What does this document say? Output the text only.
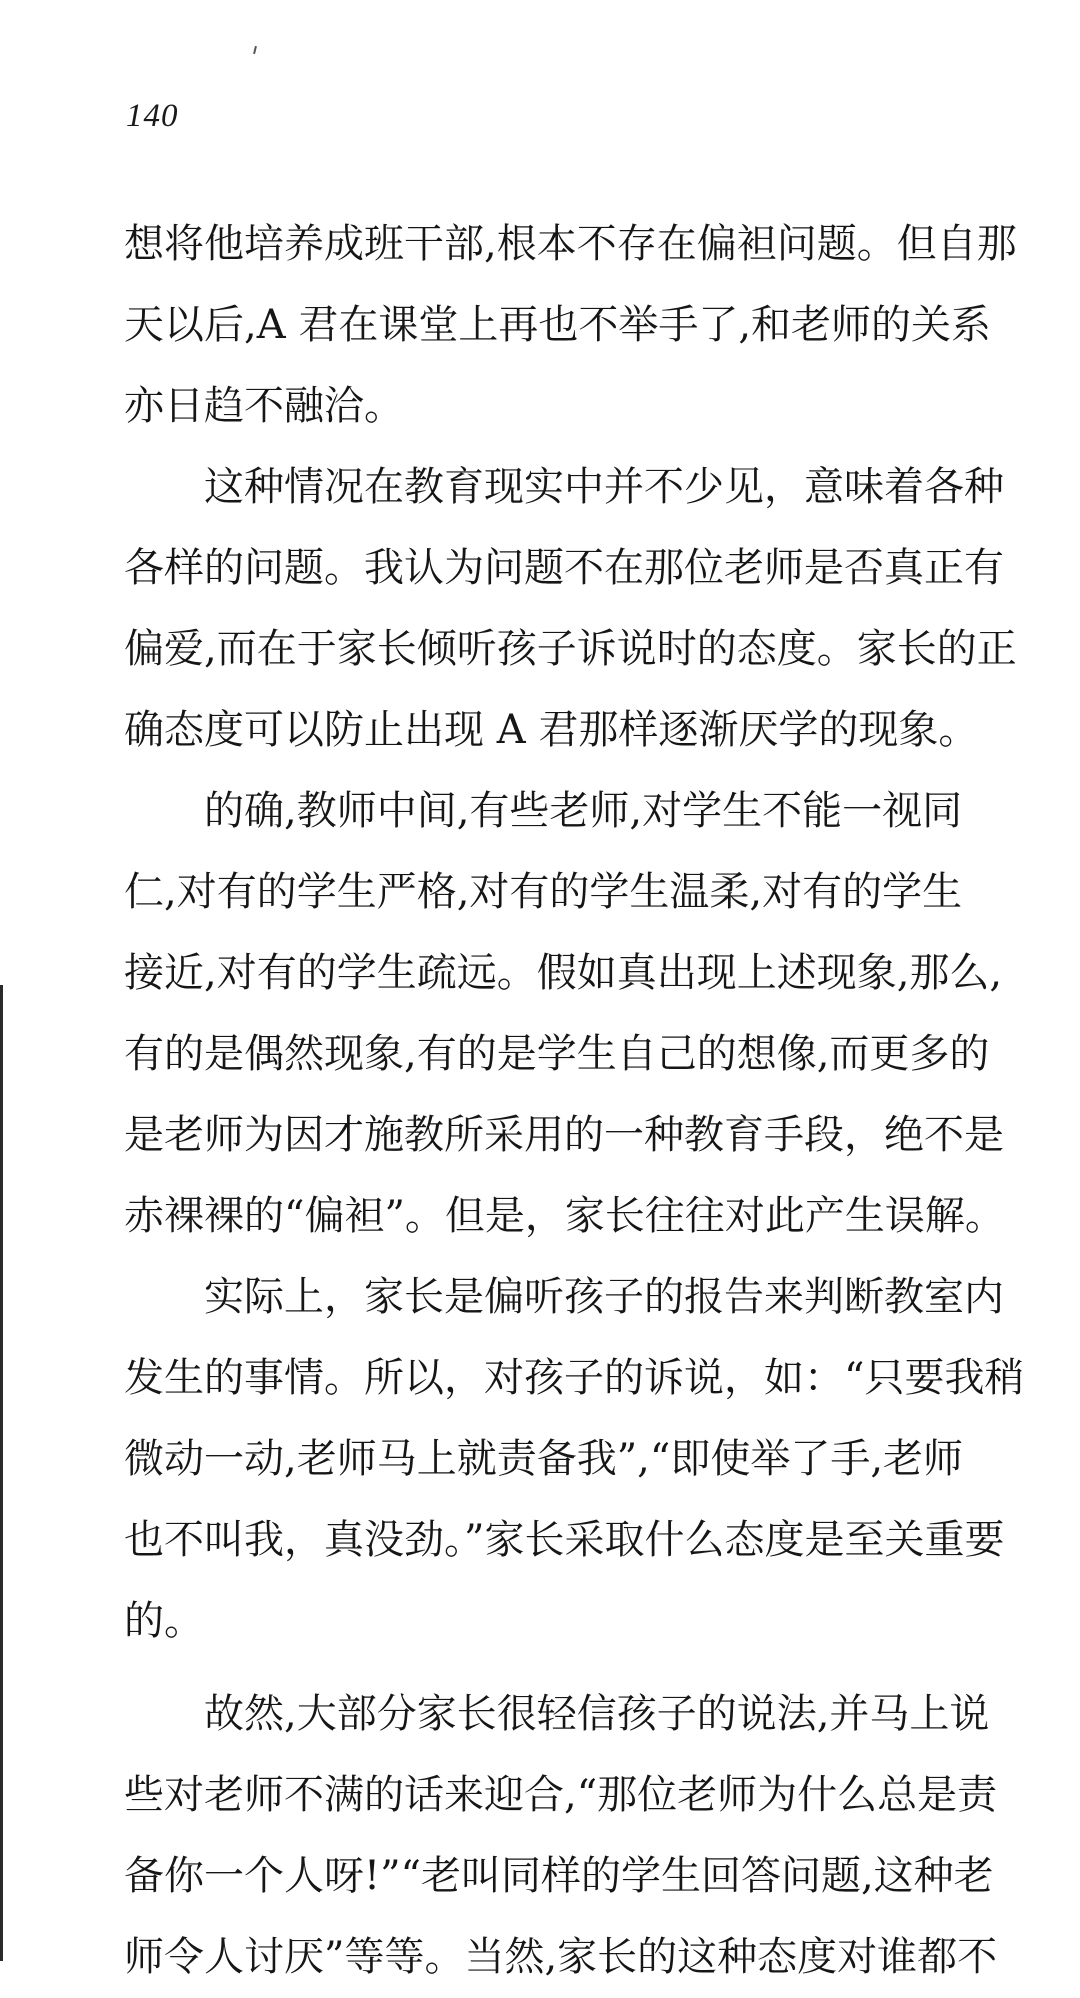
140
想将他培养成班干部,根本不存在偏袒问题。但自那
天以后,A 君在课堂上再也不举手了,和老师的关系
亦日趋不融洽。
　　这种情况在教育现实中并不少见，意味着各种
各样的问题。我认为问题不在那位老师是否真正有
偏爱,而在于家长倾听孩子诉说时的态度。家长的正
确态度可以防止出现 A 君那样逐渐厌学的现象。
　　的确,教师中间,有些老师,对学生不能一视同
仁,对有的学生严格,对有的学生温柔,对有的学生
接近,对有的学生疏远。假如真出现上述现象,那么,
有的是偶然现象,有的是学生自己的想像,而更多的
是老师为因才施教所采用的一种教育手段，绝不是
赤裸裸的“偏袒”。但是，家长往往对此产生误解。
　　实际上，家长是偏听孩子的报告来判断教室内
发生的事情。所以，对孩子的诉说，如：“只要我稍
微动一动,老师马上就责备我”,“即使举了手,老师
也不叫我，真没劲。”家长采取什么态度是至关重要
的。
　　故然,大部分家长很轻信孩子的说法,并马上说
些对老师不满的话来迎合,“那位老师为什么总是责
备你一个人呀!”“老叫同样的学生回答问题,这种老
师令人讨厌”等等。当然,家长的这种态度对谁都不
